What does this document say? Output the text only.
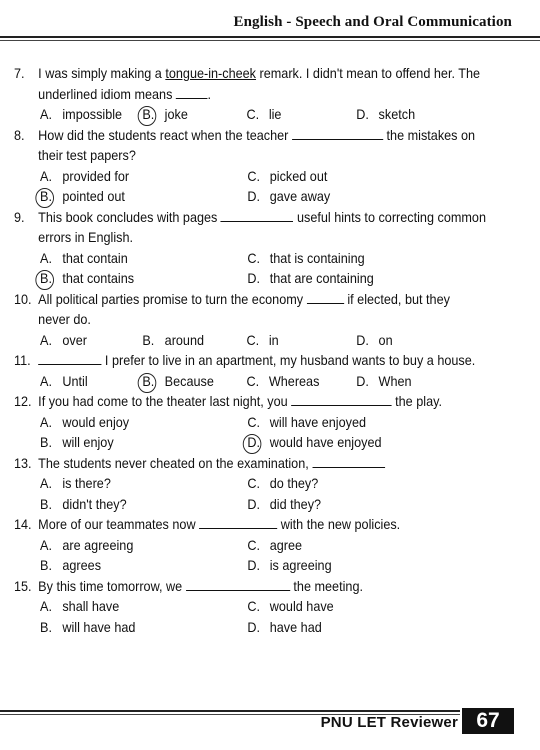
English - Speech and Oral Communication
7.	I was simply making a tongue-in-cheek remark. I didn't mean to offend her. The
underlined idiom means	.
A. impossible B. joke	C. lie	D. sketch
8.	How did the students react when the teacher	the mistakes on
their test papers?
A. provided for	C. picked out
B. pointed out	D. gave away
9.	This book concludes with pages	useful hints to correcting common
errors in English.
A. that contain	C. that is containing
B. that contains	D. that are containing
10. All political parties promise to turn the economy	if elected, but they
never do.
A. over	B. around	C. in	D. on
11.	I prefer to live in an apartment, my husband wants to buy a house.
A. Until	B. Because C. Whereas	D. When
12. If you had come to the theater last night, you	the play.
A. would enjoy	C. will have enjoyed
B. will enjoy	D. would have enjoyed
13. The students never cheated on the examination,
A. is there?	C. do they?
B. didn't they?	D. did they?
14. More of our teammates now	with the new policies.
A. are agreeing	C. agree
B. agrees	D. is agreeing
15. By this time tomorrow, we	the meeting.
A. shall have	C. would have
B. will have had	D. have had
PNU LET Reviewer 67
